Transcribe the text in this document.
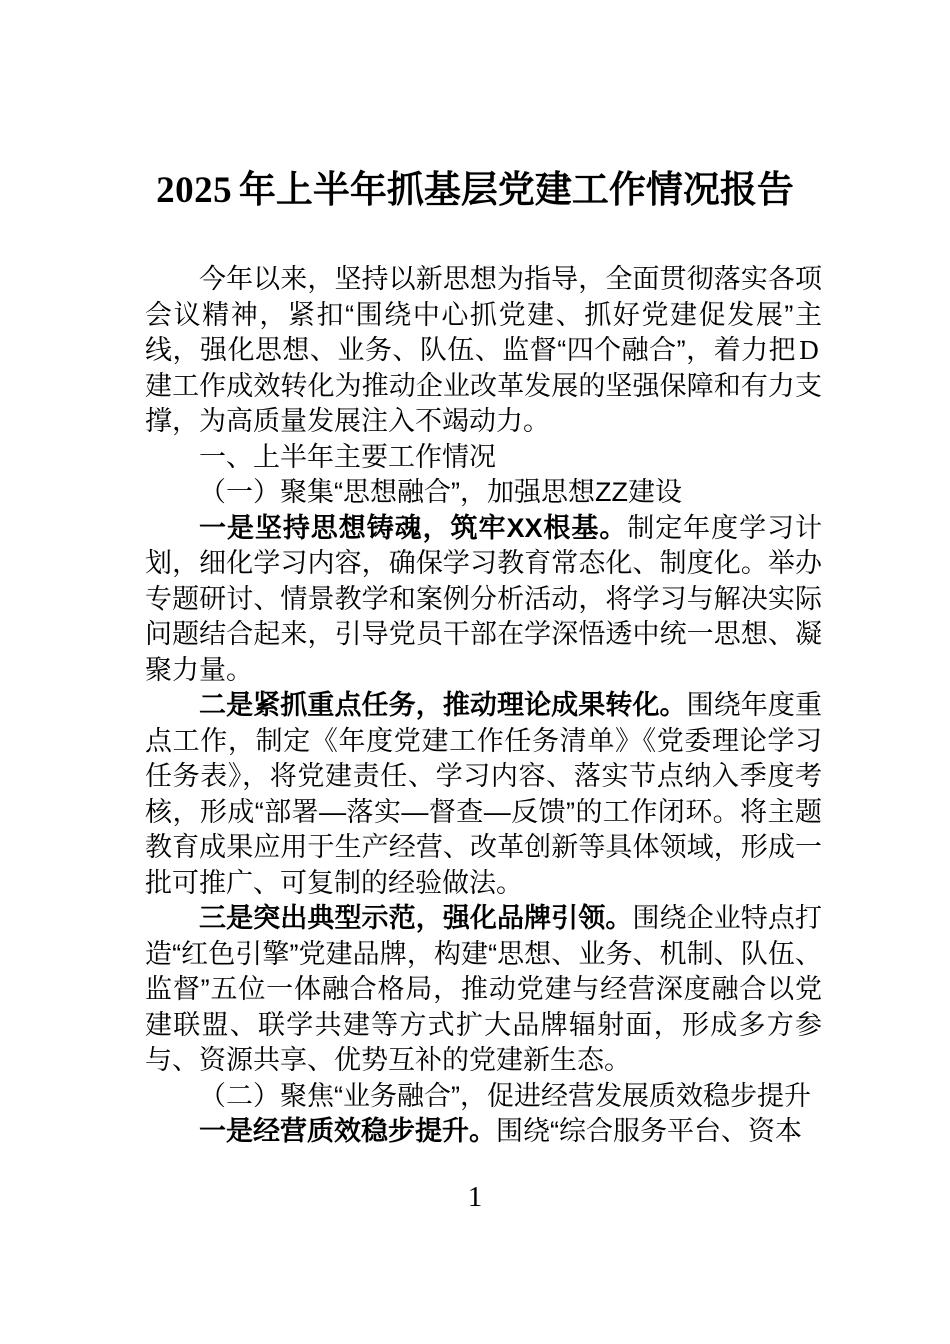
2025 年上半年抓基层党建工作情况报告

今年以来，坚持以新思想为指导，全面贯彻落实各项会议精神，紧扣“围绕中心抓党建、抓好党建促发展”主线，强化思想、业务、队伍、监督“四个融合”，着力把 D建工作成效转化为推动企业改革发展的坚强保障和有力支撑，为高质量发展注入不竭动力。

一、上半年主要工作情况

（一）聚集“思想融合”，加强思想ZZ建设

一是坚持思想铸魂，筑牢XX根基。制定年度学习计划，细化学习内容，确保学习教育常态化、制度化。举办专题研讨、情景教学和案例分析活动，将学习与解决实际问题结合起来，引导党员干部在学深悟透中统一思想、凝聚力量。

二是紧抓重点任务，推动理论成果转化。围绕年度重点工作，制定《年度党建工作任务清单》《党委理论学习任务表》，将党建责任、学习内容、落实节点纳入季度考核，形成“部署—落实—督查—反馈”的工作闭环。将主题教育成果应用于生产经营、改革创新等具体领域，形成一批可推广、可复制的经验做法。

三是突出典型示范，强化品牌引领。围绕企业特点打造“红色引擎”党建品牌，构建“思想、业务、机制、队伍、监督”五位一体融合格局，推动党建与经营深度融合以党建联盟、联学共建等方式扩大品牌辐射面，形成多方参与、资源共享、优势互补的党建新生态。

（二）聚焦“业务融合”，促进经营发展质效稳步提升

一是经营质效稳步提升。围绕“综合服务平台、资本

1
